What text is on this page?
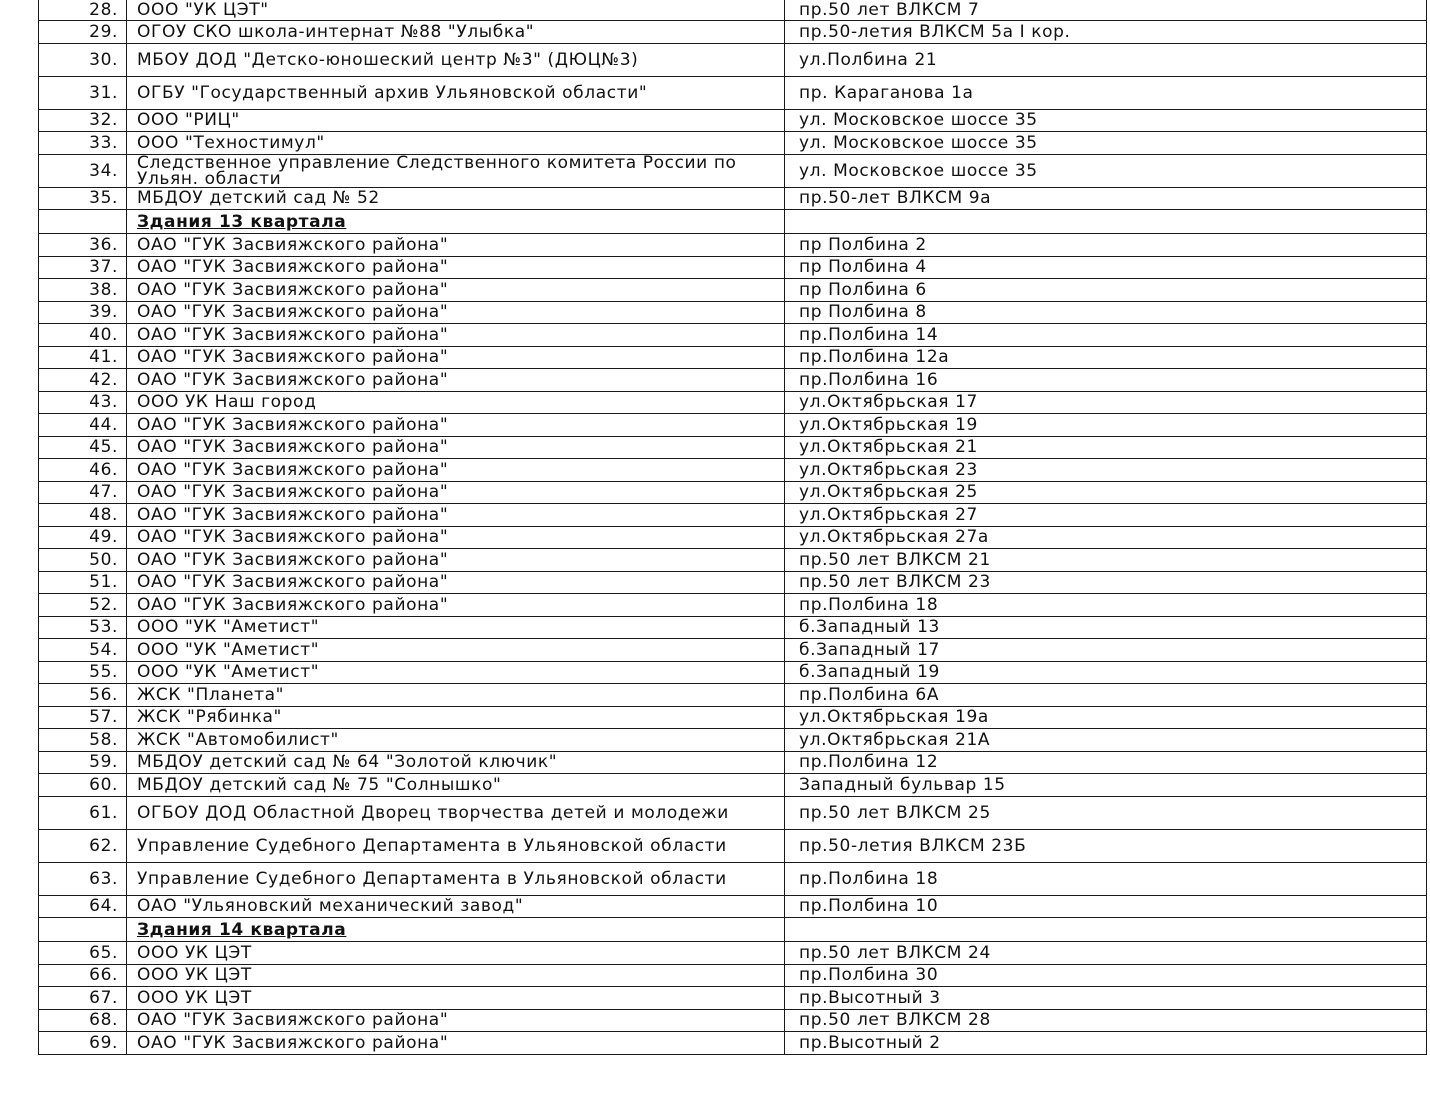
28.	ООО "УК ЦЭТ"	пр.50 лет ВЛКСМ 7
29.	ОГОУ СКО школа-интернат №88 "Улыбка"	пр.50-летия ВЛКСМ 5а I кор.
30.	МБОУ ДОД "Детско-юношеский центр №3" (ДЮЦ№3)	ул.Полбина 21
31.	ОГБУ "Государственный архив Ульяновской области"	пр. Караганова 1а
32.	ООО "РИЦ"	ул. Московское шоссе 35
33.	ООО "Техностимул"	ул. Московское шоссе 35
34.	Следственное управление Следственного комитета России по Ульян. области	ул. Московское шоссе 35
35.	МБДОУ детский сад № 52	пр.50-лет ВЛКСМ 9а
	Здания 13 квартала	
36.	ОАО "ГУК Засвияжского района"	пр Полбина 2
37.	ОАО "ГУК Засвияжского района"	пр Полбина 4
38.	ОАО "ГУК Засвияжского района"	пр Полбина 6
39.	ОАО "ГУК Засвияжского района"	пр Полбина 8
40.	ОАО "ГУК Засвияжского района"	пр.Полбина 14
41.	ОАО "ГУК Засвияжского района"	пр.Полбина 12а
42.	ОАО "ГУК Засвияжского района"	пр.Полбина 16
43.	ООО УК Наш город	ул.Октябрьская 17
44.	ОАО "ГУК Засвияжского района"	ул.Октябрьская 19
45.	ОАО "ГУК Засвияжского района"	ул.Октябрьская 21
46.	ОАО "ГУК Засвияжского района"	ул.Октябрьская 23
47.	ОАО "ГУК Засвияжского района"	ул.Октябрьская 25
48.	ОАО "ГУК Засвияжского района"	ул.Октябрьская 27
49.	ОАО "ГУК Засвияжского района"	ул.Октябрьская 27а
50.	ОАО "ГУК Засвияжского района"	пр.50 лет ВЛКСМ 21
51.	ОАО "ГУК Засвияжского района"	пр.50 лет ВЛКСМ 23
52.	ОАО "ГУК Засвияжского района"	пр.Полбина 18
53.	ООО "УК "Аметист"	б.Западный 13
54.	ООО "УК "Аметист"	б.Западный 17
55.	ООО "УК "Аметист"	б.Западный 19
56.	ЖСК "Планета"	пр.Полбина 6А
57.	ЖСК "Рябинка"	ул.Октябрьская 19а
58.	ЖСК "Автомобилист"	ул.Октябрьская 21А
59.	МБДОУ детский сад № 64 "Золотой ключик"	пр.Полбина 12
60.	МБДОУ детский сад № 75 "Солнышко"	Западный бульвар 15
61.	ОГБОУ ДОД Областной Дворец творчества детей и молодежи	пр.50 лет ВЛКСМ 25
62.	Управление Судебного Департамента в Ульяновской области	пр.50-летия ВЛКСМ 23Б
63.	Управление Судебного Департамента в Ульяновской области	пр.Полбина 18
64.	ОАО "Ульяновский механический завод"	пр.Полбина 10
	Здания 14 квартала	
65.	ООО УК ЦЭТ	пр.50 лет ВЛКСМ 24
66.	ООО УК ЦЭТ	пр.Полбина 30
67.	ООО УК ЦЭТ	пр.Высотный 3
68.	ОАО "ГУК Засвияжского района"	пр.50 лет ВЛКСМ 28
69.	ОАО "ГУК Засвияжского района"	пр.Высотный 2
